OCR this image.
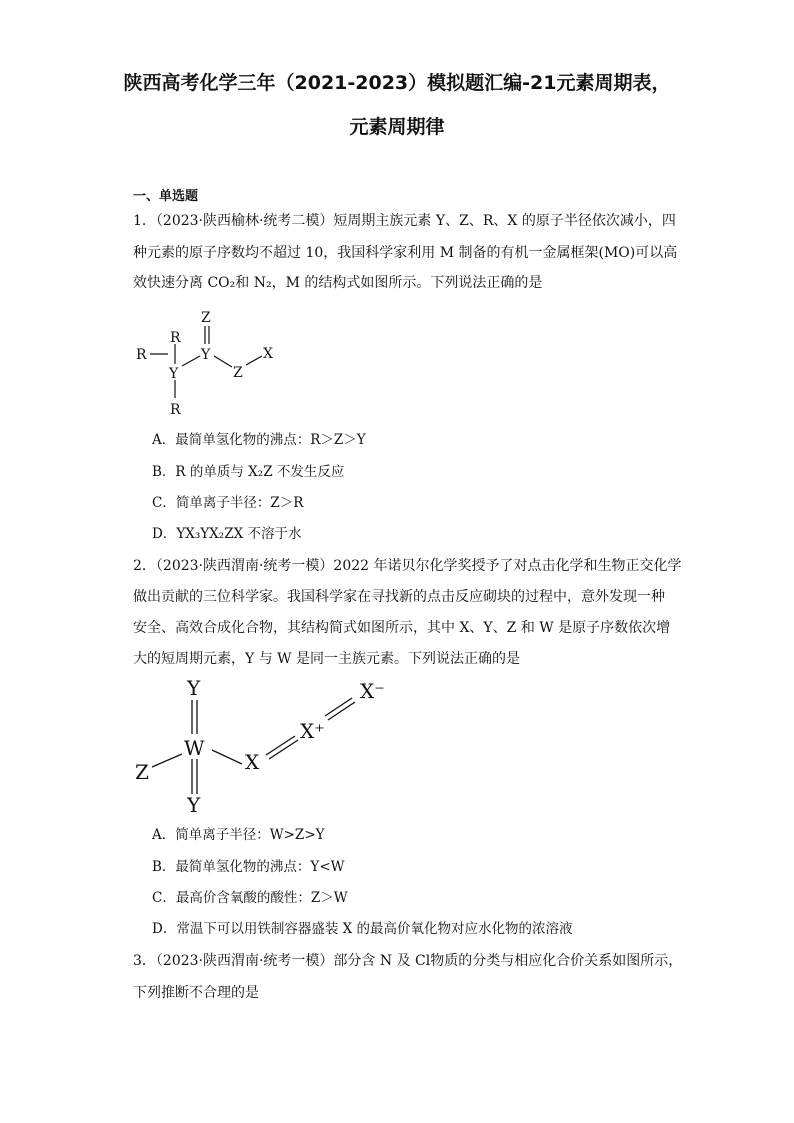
陕西高考化学三年（2021-2023）模拟题汇编-21元素周期表，
元素周期律
一、单选题
1．（2023·陕西榆林·统考二模）短周期主族元素 Y、Z、R、X 的原子半径依次减小，四
种元素的原子序数均不超过 10，我国科学家利用 M 制备的有机一金属框架(MO)可以高
效快速分离 CO₂和 N₂，M 的结构式如图所示。下列说法正确的是
R
R
Y
R
Z
Y
Z
X
A．最简单氢化物的沸点：R＞Z＞Y
B．R 的单质与 X₂Z 不发生反应
C．简单离子半径：Z＞R
D．YX₃YX₂ZX 不溶于水
2．（2023·陕西渭南·统考一模）2022 年诺贝尔化学奖授予了对点击化学和生物正交化学
做出贡献的三位科学家。我国科学家在寻找新的点击反应砌块的过程中，意外发现一种
安全、高效合成化合物，其结构简式如图所示，其中 X、Y、Z 和 W 是原子序数依次增
大的短周期元素，Y 与 W 是同一主族元素。下列说法正确的是
Y
W
Z
Y
X
X⁺
X⁻
A．简单离子半径：W>Z>Y
B．最简单氢化物的沸点：Y<W
C．最高价含氧酸的酸性：Z＞W
D．常温下可以用铁制容器盛装 X 的最高价氧化物对应水化物的浓溶液
3．（2023·陕西渭南·统考一模）部分含 N 及 Cl物质的分类与相应化合价关系如图所示，
下列推断不合理的是
